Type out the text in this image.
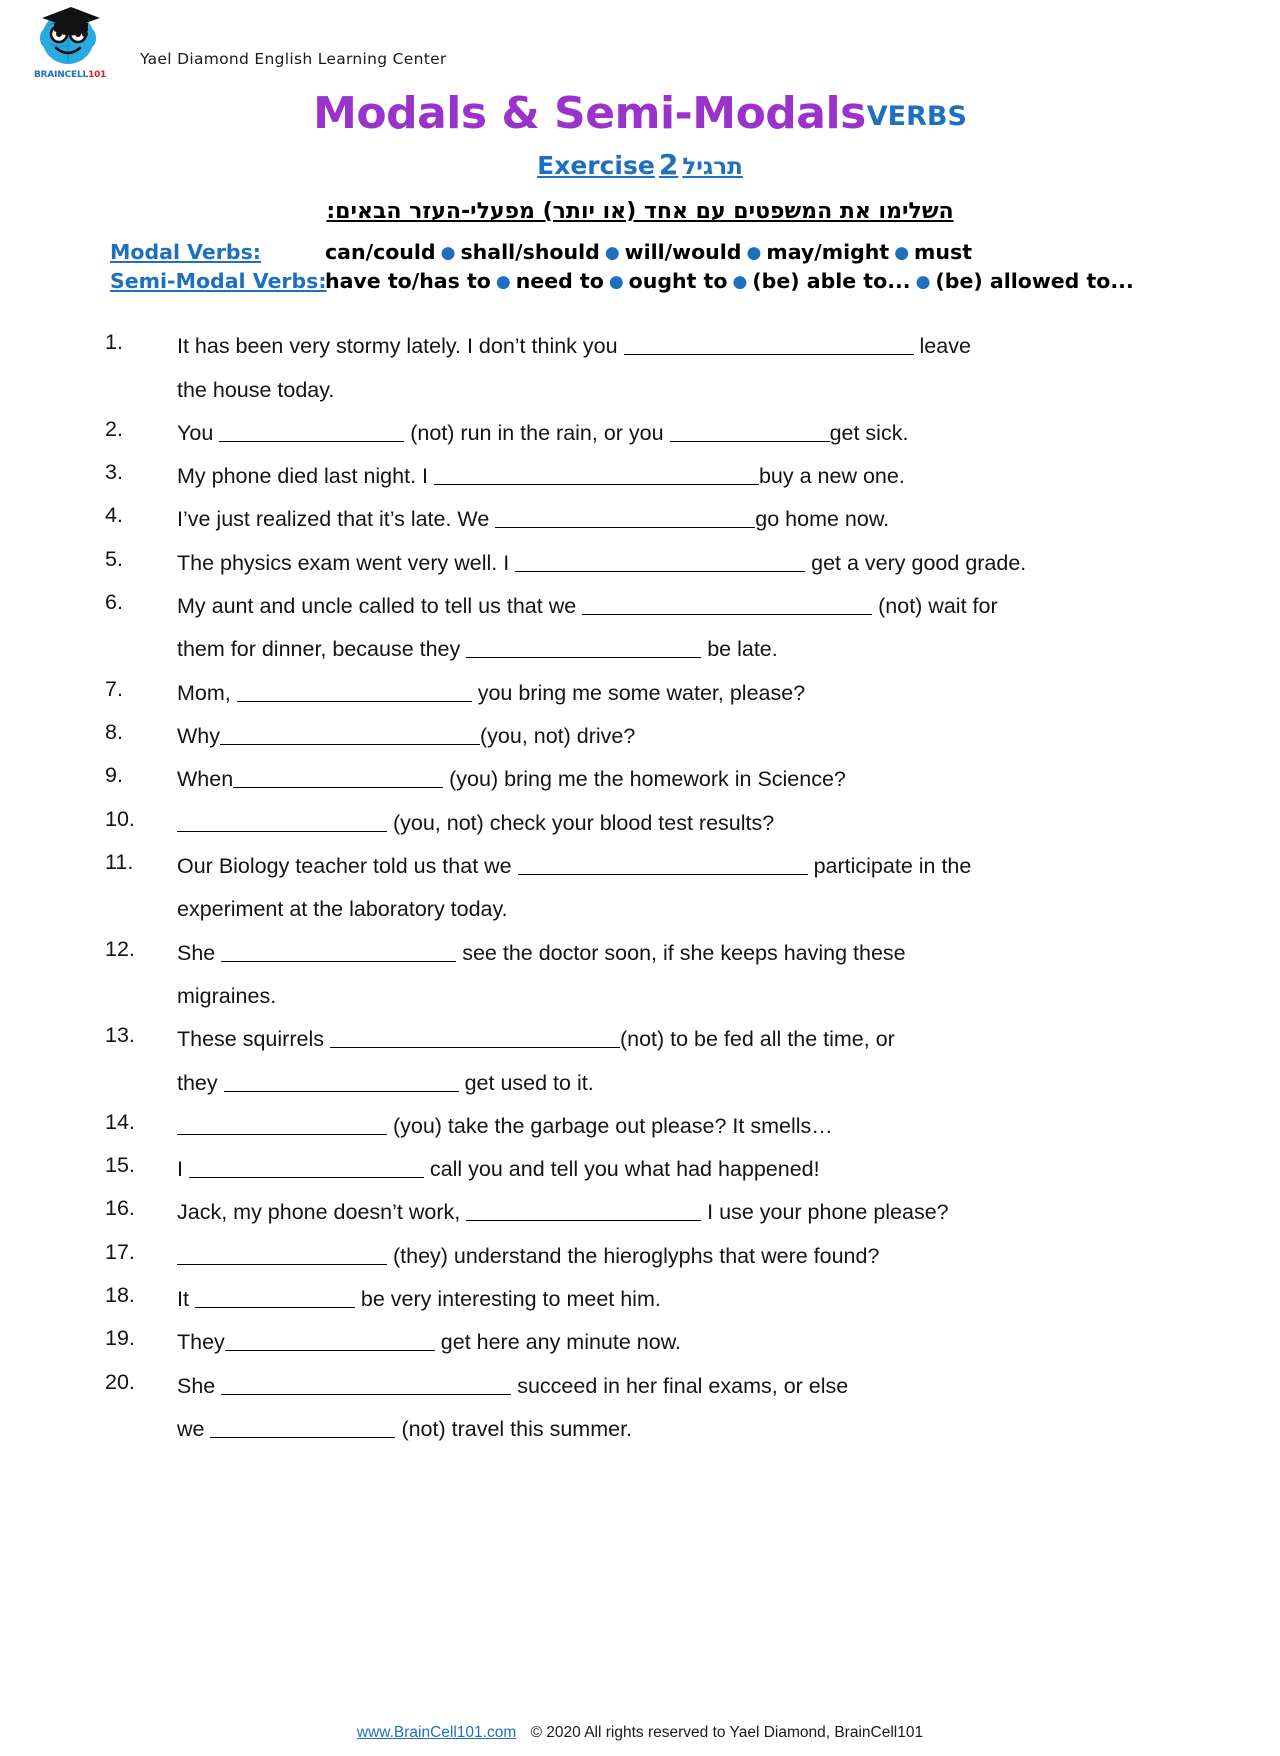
BRAINCELL101
Yael Diamond English Learning Center
Modals & Semi-ModalsVERBS
Exercise 2 תרגיל
השלימו את המשפטים עם אחד (או יותר) מפעלי-העזר הבאים:
Modal Verbs:	can/could ● shall/should ● will/would ● may/might ● must
Semi-Modal Verbs:
have to/has to ● need to ● ought to ● (be) able to... ● (be) allowed to...
1.	It has been very stormy lately. I don’t think you	leave
the house today.
2.	You	(not) run in the rain, or you	get sick.
3.	My phone died last night. I	buy a new one.
4.	I’ve just realized that it’s late. We	go home now.
5.	The physics exam went very well. I	get a very good grade.
6.	My aunt and uncle called to tell us that we	(not) wait for
them for dinner, because they	be late.
7.	Mom,	you bring me some water, please?
8.	Why	(you, not) drive?
9.	When	(you) bring me the homework in Science?
10.	(you, not) check your blood test results?
11.	Our Biology teacher told us that we	participate in the
experiment at the laboratory today.
12.	She	see the doctor soon, if she keeps having these
migraines.
13.	These squirrels	(not) to be fed all the time, or
they	get used to it.
14.	(you) take the garbage out please? It smells…
15.	I	call you and tell you what had happened!
16.	Jack, my phone doesn’t work,	I use your phone please?
17.	(they) understand the hieroglyphs that were found?
18.	It	be very interesting to meet him.
19.	They	get here any minute now.
20.	She	succeed in her final exams, or else
we	(not) travel this summer.
www.BrainCell101.com © 2020 All rights reserved to Yael Diamond, BrainCell101
